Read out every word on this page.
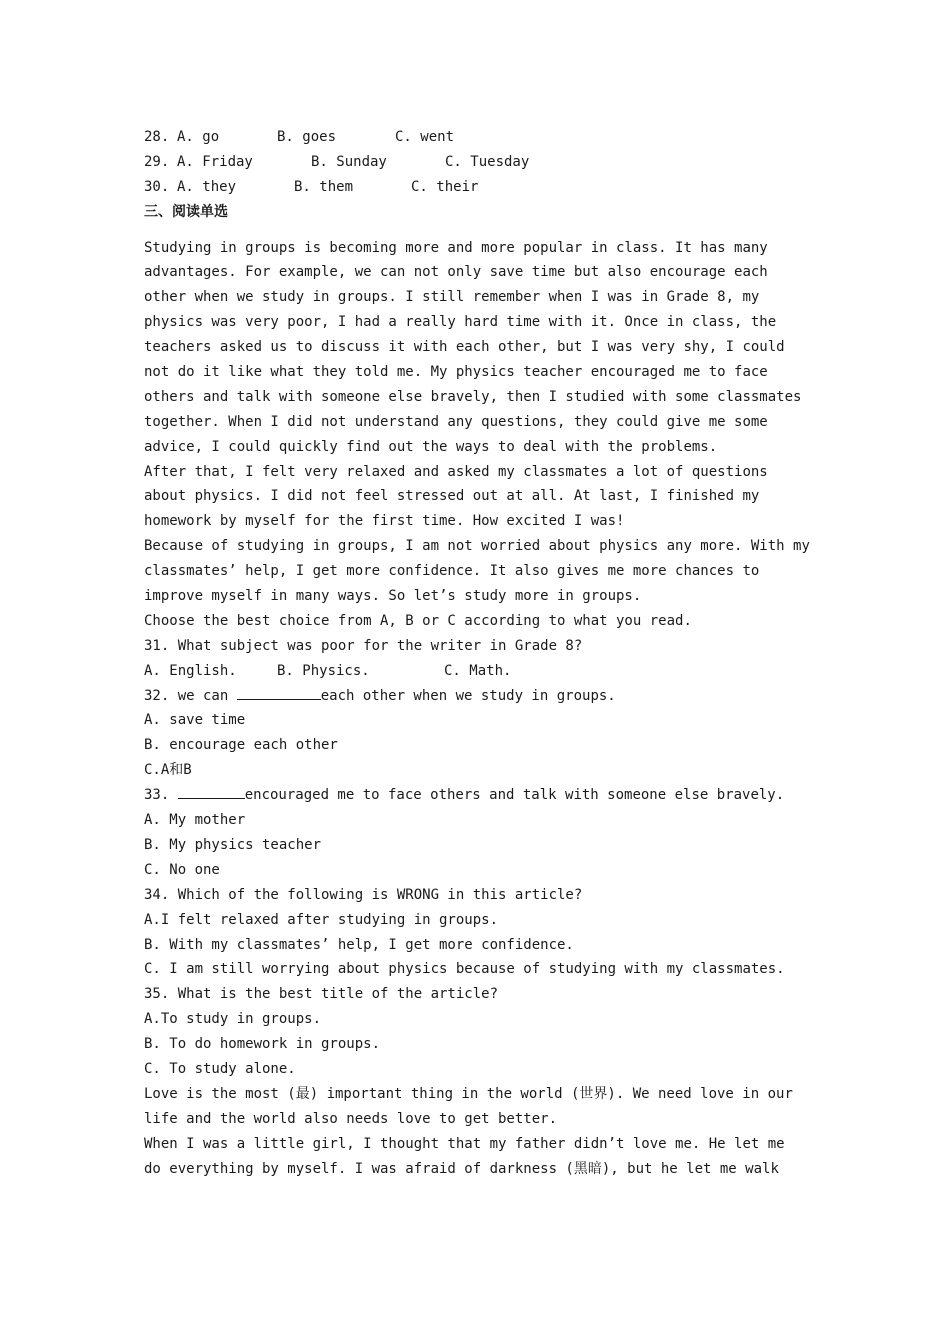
28. A. go	B. goes	C. went
29. A. Friday	B. Sunday	C. Tuesday
30. A. they	B. them	C. their
三、阅读单选
Studying in groups is becoming more and more popular in class. It has many
advantages. For example, we can not only save time but also encourage each
other when we study in groups. I still remember when I was in Grade 8, my
physics was very poor, I had a really hard time with it. Once in class, the
teachers asked us to discuss it with each other, but I was very shy, I could
not do it like what they told me. My physics teacher encouraged me to face
others and talk with someone else bravely, then I studied with some classmates
together. When I did not understand any questions, they could give me some
advice, I could quickly find out the ways to deal with the problems.
After that, I felt very relaxed and asked my classmates a lot of questions
about physics. I did not feel stressed out at all. At last, I finished my
homework by myself for the first time. How excited I was!
Because of studying in groups, I am not worried about physics any more. With my
classmates’ help, I get more confidence. It also gives me more chances to
improve myself in many ways. So let’s study more in groups.
Choose the best choice from A, B or C according to what you read.
31. What subject was poor for the writer in Grade 8?
A. English.	B. Physics.	C. Math.
32. we can	each other when we study in groups.
A. save time
B. encourage each other
C.A和B
33.	encouraged me to face others and talk with someone else bravely.
A. My mother
B. My physics teacher
C. No one
34. Which of the following is WRONG in this article?
A.I felt relaxed after studying in groups.
B. With my classmates’ help, I get more confidence.
C. I am still worrying about physics because of studying with my classmates.
35. What is the best title of the article?
A.To study in groups.
B. To do homework in groups.
C. To study alone.
Love is the most (最) important thing in the world (世界). We need love in our
life and the world also needs love to get better.
When I was a little girl, I thought that my father didn’t love me. He let me
do everything by myself. I was afraid of darkness (黑暗), but he let me walk
